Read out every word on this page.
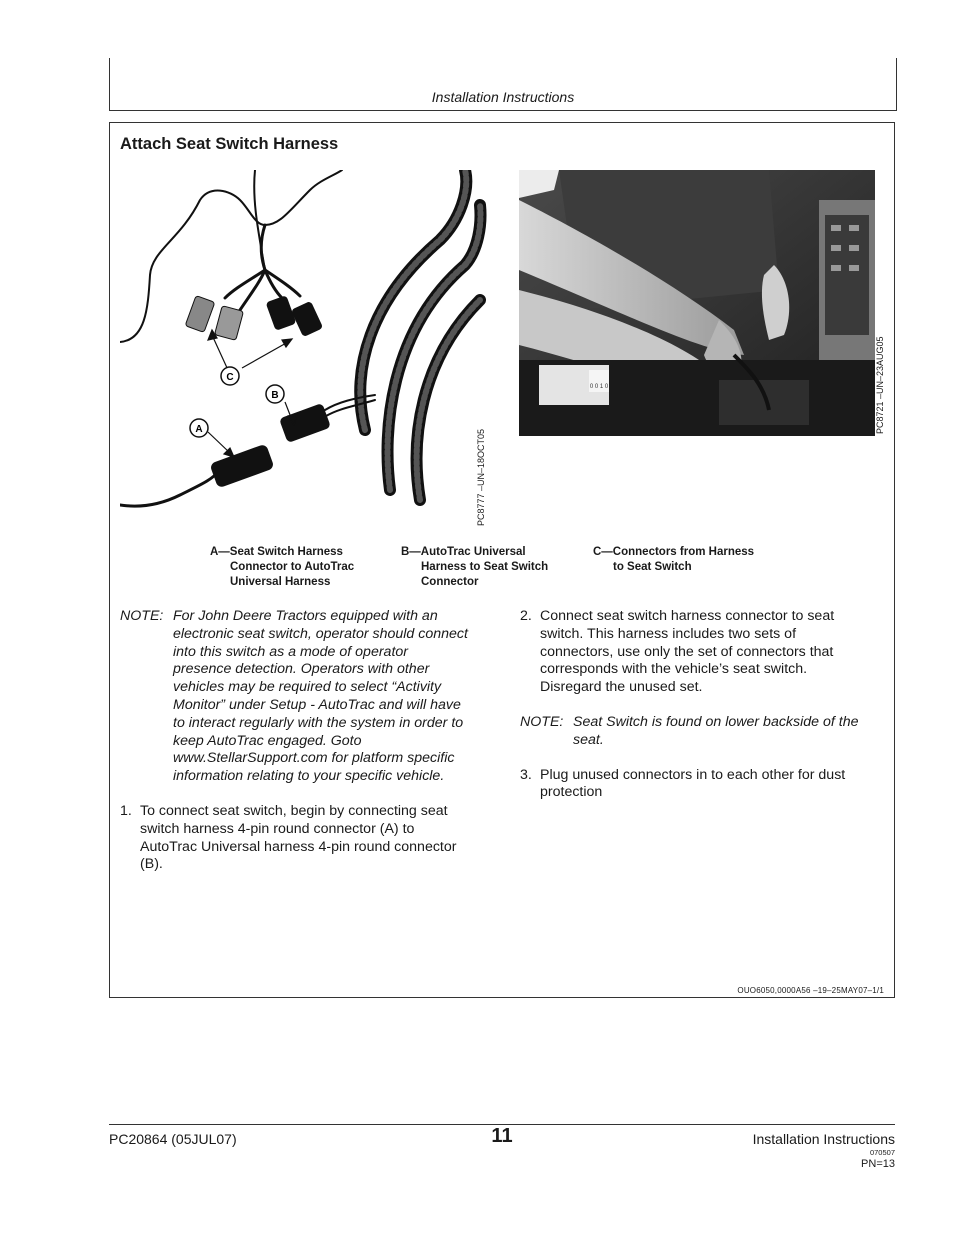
Installation Instructions
Attach Seat Switch Harness
C
B
A	PC8777 –UN–18OCT05
0 0 1 0	PC8721 –UN–23AUG05
A—Seat Switch Harness
Connector to AutoTrac
Universal Harness
B—AutoTrac Universal
Harness to Seat Switch
Connector
C—Connectors from Harness
to Seat Switch
NOTE: For John Deere Tractors equipped with an
electronic seat switch, operator should connect
into this switch as a mode of operator
presence detection. Operators with other
vehicles may be required to select “Activity
Monitor” under Setup - AutoTrac and will have
to interact regularly with the system in order to
keep AutoTrac engaged. Goto
www.StellarSupport.com for platform specific
information relating to your specific vehicle.
1. To connect seat switch, begin by connecting seat
switch harness 4-pin round connector (A) to
AutoTrac Universal harness 4-pin round connector
(B).
2. Connect seat switch harness connector to seat
switch. This harness includes two sets of
connectors, use only the set of connectors that
corresponds with the vehicle’s seat switch.
Disregard the unused set.
NOTE: Seat Switch is found on lower backside of the
seat.
3. Plug unused connectors in to each other for dust
protection
OUO6050,0000A56 –19–25MAY07–1/1
PC20864 (05JUL07)	11	Installation Instructions
070507
PN=13
